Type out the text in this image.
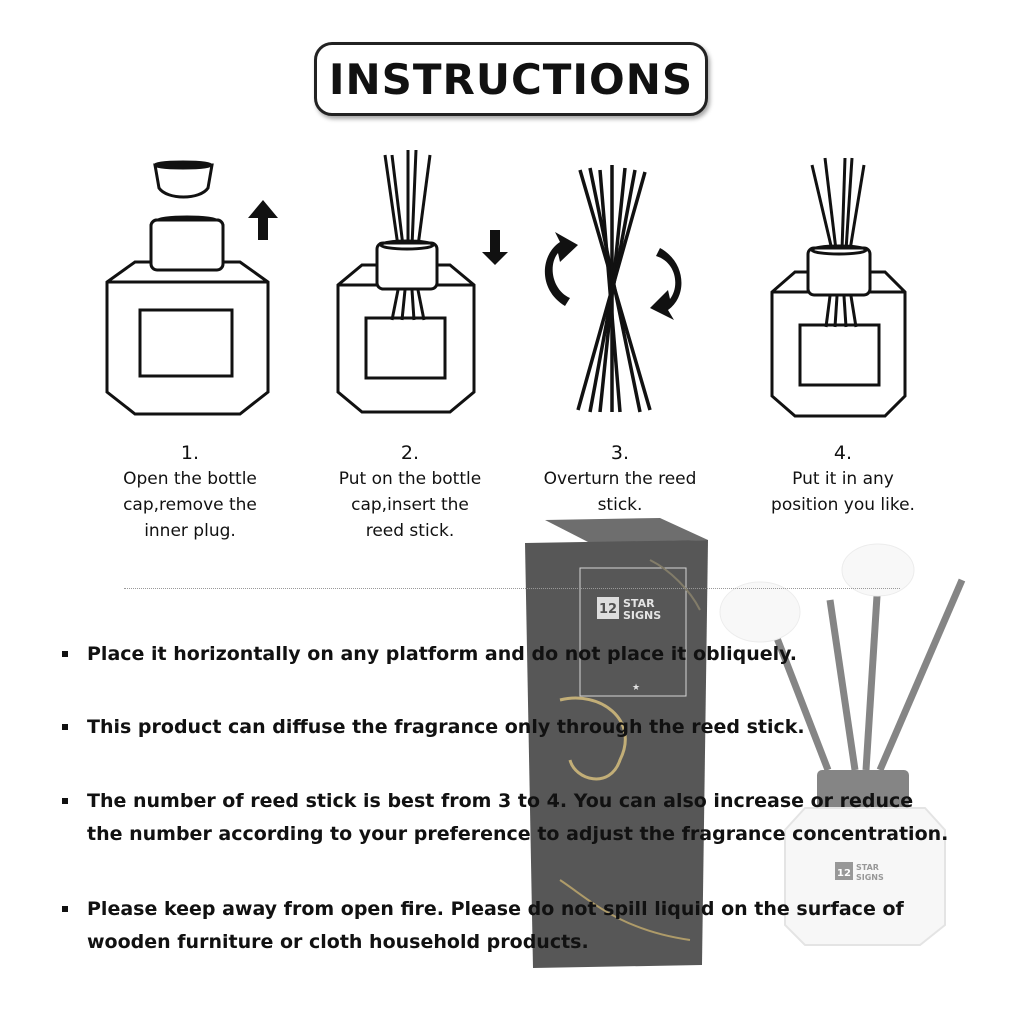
12 STAR
SIGNS
★
12
STAR
SIGNS
INSTRUCTIONS
1.
Open the bottle
cap,remove the
inner plug.
2.
Put on the bottle
cap,insert the
reed stick.
3.
Overturn the reed
stick.
4.
Put it in any
position you like.
Place it horizontally on any platform and do not place it obliquely.
This product can diffuse the fragrance only through the reed stick.
The number of reed stick is best from 3 to 4. You can also increase or reduce
the number according to your preference to adjust the fragrance concentration.
Please keep away from open fire. Please do not spill liquid on the surface of
wooden furniture or cloth household products.
